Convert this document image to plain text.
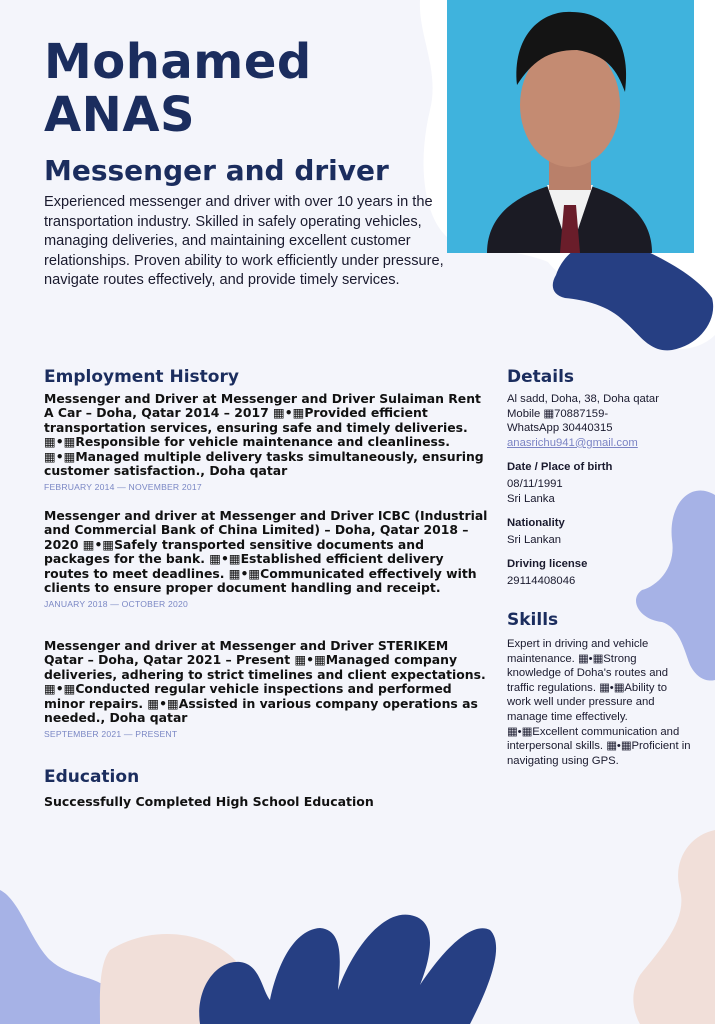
Mohamed
ANAS
Messenger and driver

Experienced messenger and driver with over 10 years in the transportation industry. Skilled in safely operating vehicles, managing deliveries, and maintaining excellent customer relationships. Proven ability to work efficiently under pressure, navigate routes effectively, and provide timely services.

Employment History

Messenger and Driver at Messenger and Driver Sulaiman Rent A Car – Doha, Qatar 2014 – 2017 ▦•▦Provided efficient transportation services, ensuring safe and timely deliveries. ▦•▦Responsible for vehicle maintenance and cleanliness. ▦•▦Managed multiple delivery tasks simultaneously, ensuring customer satisfaction., Doha qatar

FEBRUARY 2014 — NOVEMBER 2017

Messenger and driver at Messenger and Driver ICBC (Industrial and Commercial Bank of China Limited) – Doha, Qatar 2018 – 2020 ▦•▦Safely transported sensitive documents and packages for the bank. ▦•▦Established efficient delivery routes to meet deadlines. ▦•▦Communicated effectively with clients to ensure proper document handling and receipt.

JANUARY 2018 — OCTOBER 2020

Messenger and driver at Messenger and Driver STERIKEM Qatar – Doha, Qatar 2021 – Present ▦•▦Managed company deliveries, adhering to strict timelines and client expectations. ▦•▦Conducted regular vehicle inspections and performed minor repairs. ▦•▦Assisted in various company operations as needed., Doha qatar

SEPTEMBER 2021 — PRESENT

Education

Successfully Completed High School Education

Details

Al sadd, Doha, 38, Doha qatar

Mobile ▦70887159-

WhatsApp 30440315

anasrichu941@gmail.com

Date / Place of birth

08/11/1991

Sri Lanka

Nationality

Sri Lankan

Driving license

29114408046

Skills

Expert in driving and vehicle maintenance. ▦•▦Strong knowledge of Doha's routes and traffic regulations. ▦•▦Ability to work well under pressure and manage time effectively. ▦•▦Excellent communication and interpersonal skills. ▦•▦Proficient in navigating using GPS.
